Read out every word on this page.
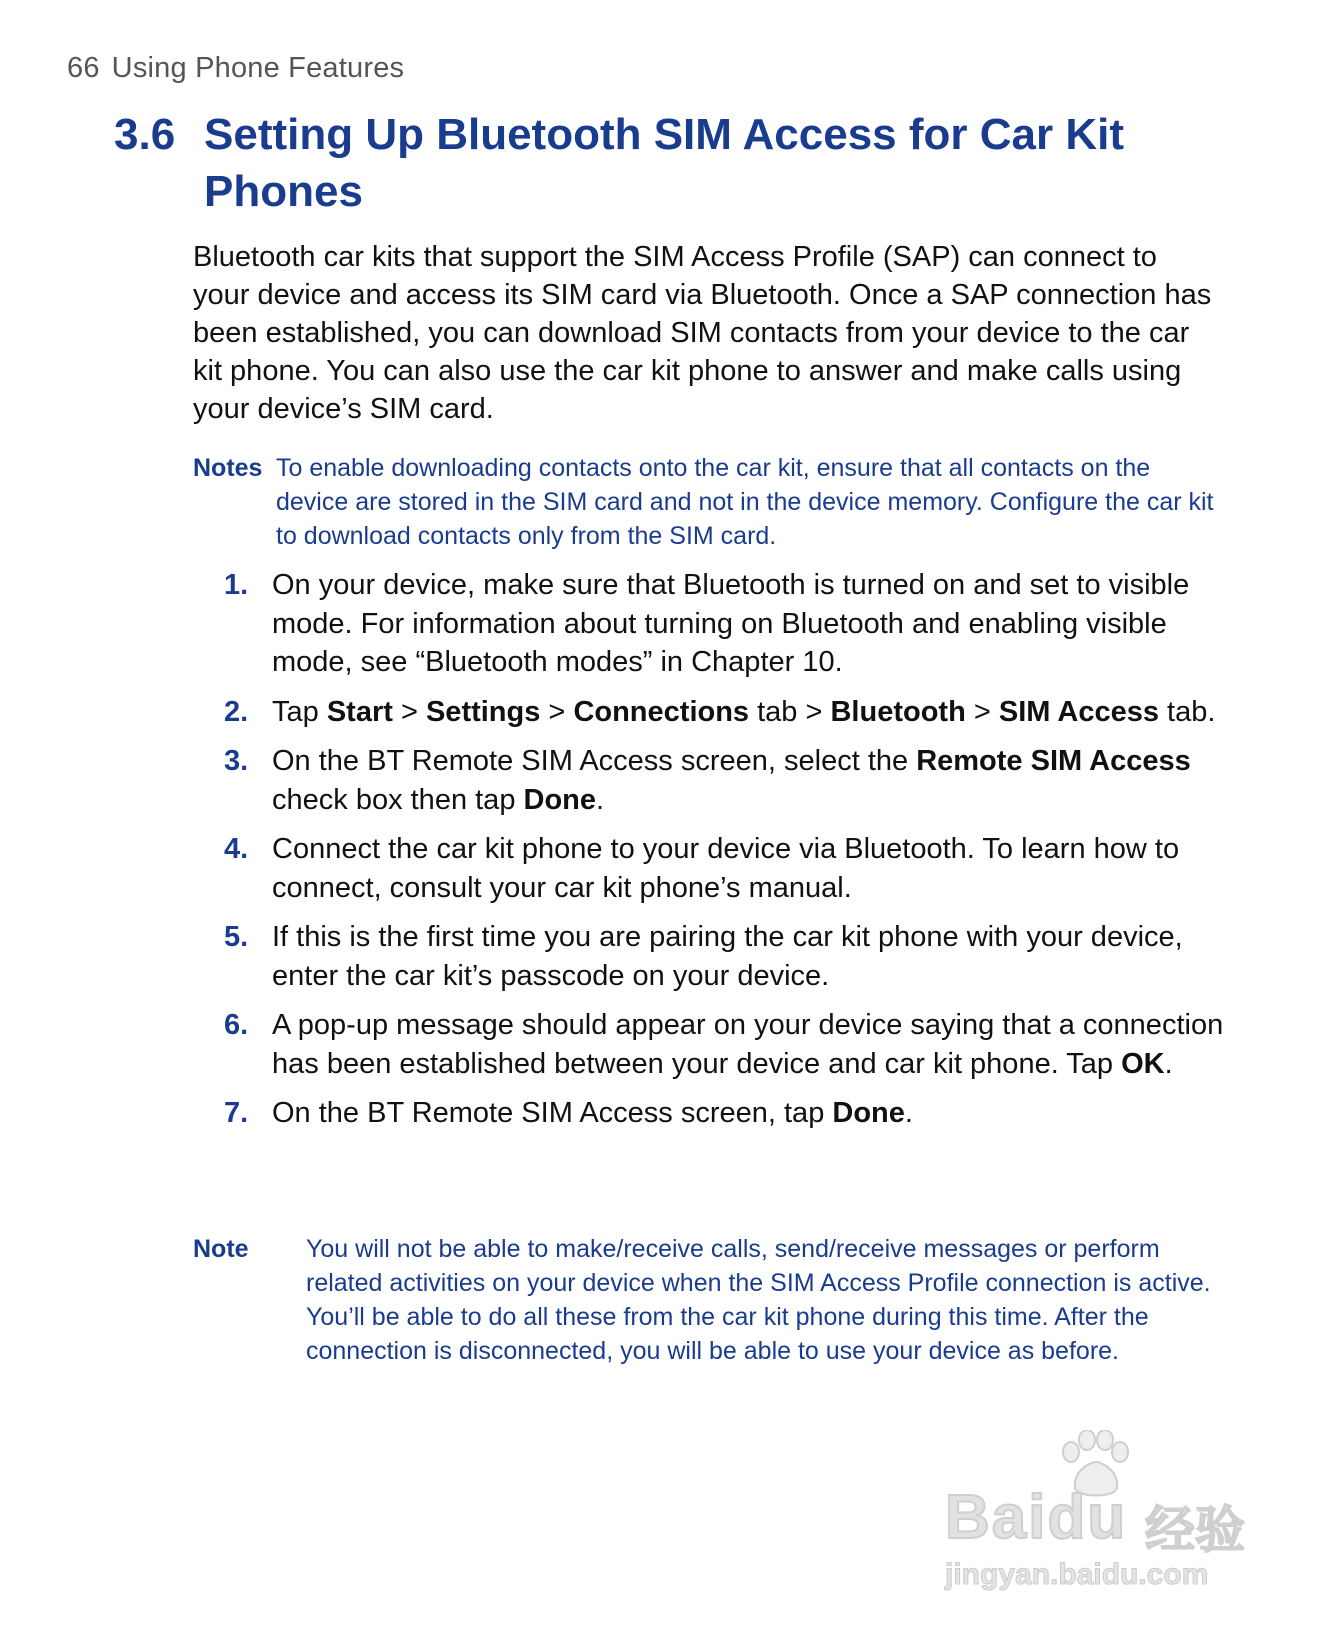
66 Using Phone Features
3.6 Setting Up Bluetooth SIM Access for Car Kit Phones

Bluetooth car kits that support the SIM Access Profile (SAP) can connect to your device and access its SIM card via Bluetooth. Once a SAP connection has been established, you can download SIM contacts from your device to the car kit phone. You can also use the car kit phone to answer and make calls using your device’s SIM card.

Notes To enable downloading contacts onto the car kit, ensure that all contacts on the device are stored in the SIM card and not in the device memory. Configure the car kit to download contacts only from the SIM card.
1. On your device, make sure that Bluetooth is turned on and set to visible mode. For information about turning on Bluetooth and enabling visible mode, see “Bluetooth modes” in Chapter 10.
2. Tap Start > Settings > Connections tab > Bluetooth > SIM Access tab.
3. On the BT Remote SIM Access screen, select the Remote SIM Access check box then tap Done.
4. Connect the car kit phone to your device via Bluetooth. To learn how to connect, consult your car kit phone’s manual.
5. If this is the first time you are pairing the car kit phone with your device, enter the car kit’s passcode on your device.
6. A pop-up message should appear on your device saying that a connection has been established between your device and car kit phone. Tap OK.
7. On the BT Remote SIM Access screen, tap Done.
Note	You will not be able to make/receive calls, send/receive messages or perform related activities on your device when the SIM Access Profile connection is active. You’ll be able to do all these from the car kit phone during this time. After the connection is disconnected, you will be able to use your device as before.
Baidu 经验
jingyan.baidu.com
